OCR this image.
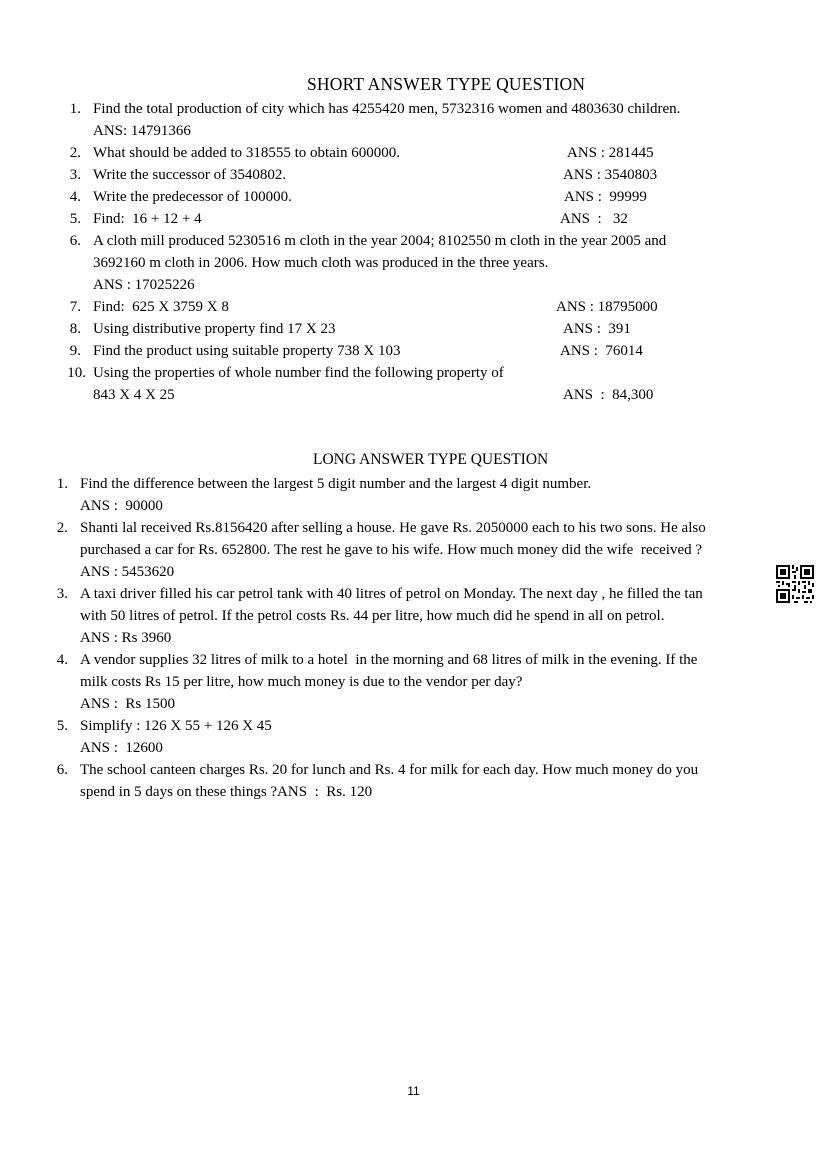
SHORT ANSWER TYPE QUESTION
1. Find the total production of city which has 4255420 men, 5732316 women and 4803630 children.
ANS: 14791366
2. What should be added to 318555 to obtain 600000.	ANS : 281445
3. Write the successor of 3540802.	ANS : 3540803
4. Write the predecessor of 100000.	ANS :  99999
5. Find:  16 + 12 + 4	ANS  :   32
6. A cloth mill produced 5230516 m cloth in the year 2004; 8102550 m cloth in the year 2005 and
3692160 m cloth in 2006. How much cloth was produced in the three years.
ANS : 17025226
7. Find:  625 X 3759 X 8	ANS : 18795000
8. Using distributive property find 17 X 23	ANS :  391
9. Find the product using suitable property 738 X 103	ANS :  76014
10. Using the properties of whole number find the following property of
843 X 4 X 25	ANS  :  84,300
LONG ANSWER TYPE QUESTION
1. Find the difference between the largest 5 digit number and the largest 4 digit number.
ANS :  90000
2. Shanti lal received Rs.8156420 after selling a house. He gave Rs. 2050000 each to his two sons. He also
purchased a car for Rs. 652800. The rest he gave to his wife. How much money did the wife  received ?
ANS : 5453620
3. A taxi driver filled his car petrol tank with 40 litres of petrol on Monday. The next day , he filled the tan
with 50 litres of petrol. If the petrol costs Rs. 44 per litre, how much did he spend in all on petrol.
ANS : Rs 3960
4. A vendor supplies 32 litres of milk to a hotel  in the morning and 68 litres of milk in the evening. If the
milk costs Rs 15 per litre, how much money is due to the vendor per day?
ANS :  Rs 1500
5. Simplify : 126 X 55 + 126 X 45
ANS :  12600
6. The school canteen charges Rs. 20 for lunch and Rs. 4 for milk for each day. How much money do you
spend in 5 days on these things ?ANS  :  Rs. 120
11
